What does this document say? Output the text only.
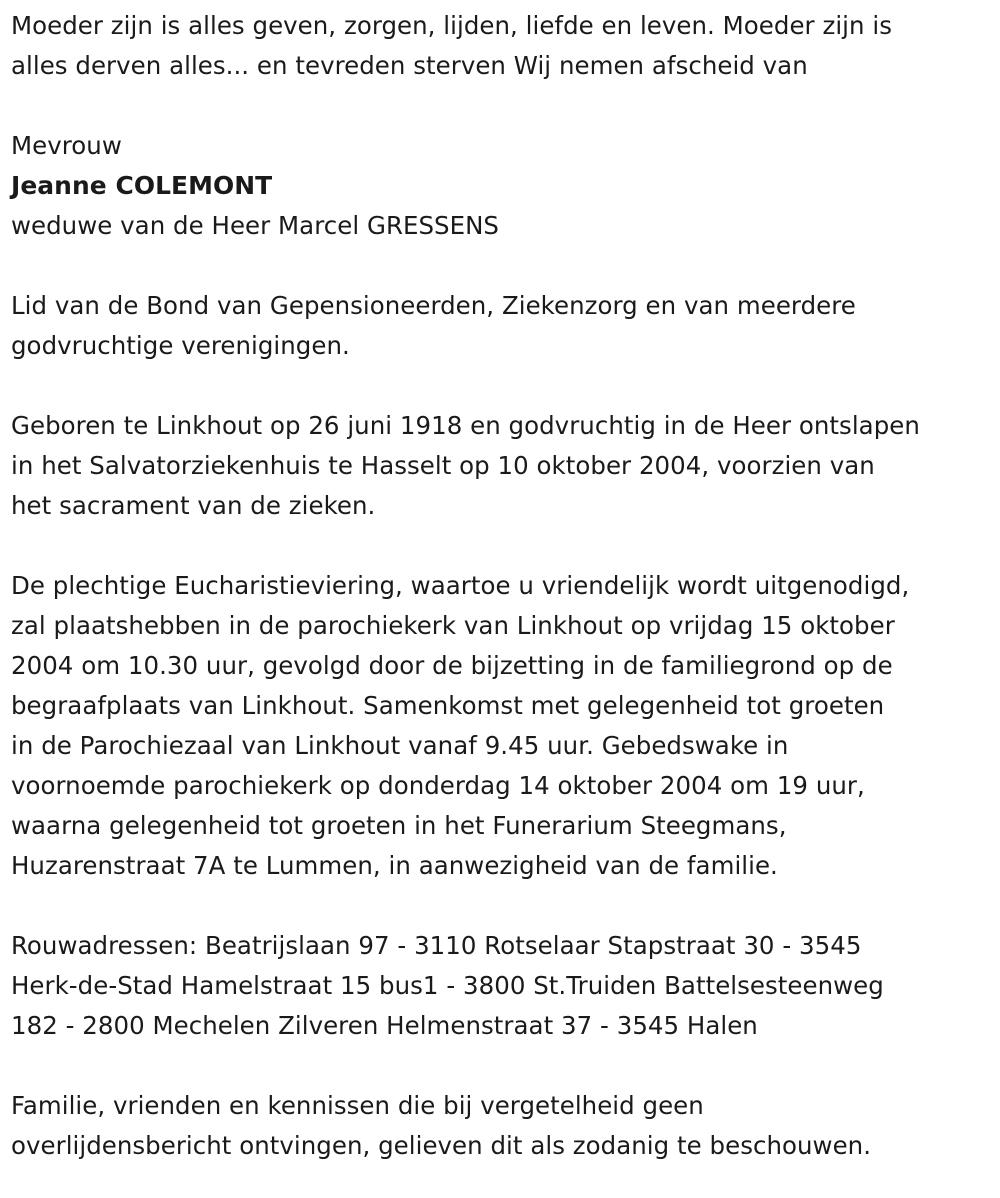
Moeder zijn is alles geven, zorgen, lijden, liefde en leven. Moeder zijn is
alles derven alles... en tevreden sterven Wij nemen afscheid van
Mevrouw
Jeanne COLEMONT
weduwe van de Heer Marcel GRESSENS
Lid van de Bond van Gepensioneerden, Ziekenzorg en van meerdere
godvruchtige verenigingen.
Geboren te Linkhout op 26 juni 1918 en godvruchtig in de Heer ontslapen
in het Salvatorziekenhuis te Hasselt op 10 oktober 2004, voorzien van
het sacrament van de zieken.
De plechtige Eucharistieviering, waartoe u vriendelijk wordt uitgenodigd,
zal plaatshebben in de parochiekerk van Linkhout op vrijdag 15 oktober
2004 om 10.30 uur, gevolgd door de bijzetting in de familiegrond op de
begraafplaats van Linkhout. Samenkomst met gelegenheid tot groeten
in de Parochiezaal van Linkhout vanaf 9.45 uur. Gebedswake in
voornoemde parochiekerk op donderdag 14 oktober 2004 om 19 uur,
waarna gelegenheid tot groeten in het Funerarium Steegmans,
Huzarenstraat 7A te Lummen, in aanwezigheid van de familie.
Rouwadressen: Beatrijslaan 97 - 3110 Rotselaar Stapstraat 30 - 3545
Herk-de-Stad Hamelstraat 15 bus1 - 3800 St.Truiden Battelsesteenweg
182 - 2800 Mechelen Zilveren Helmenstraat 37 - 3545 Halen
Familie, vrienden en kennissen die bij vergetelheid geen
overlijdensbericht ontvingen, gelieven dit als zodanig te beschouwen.
